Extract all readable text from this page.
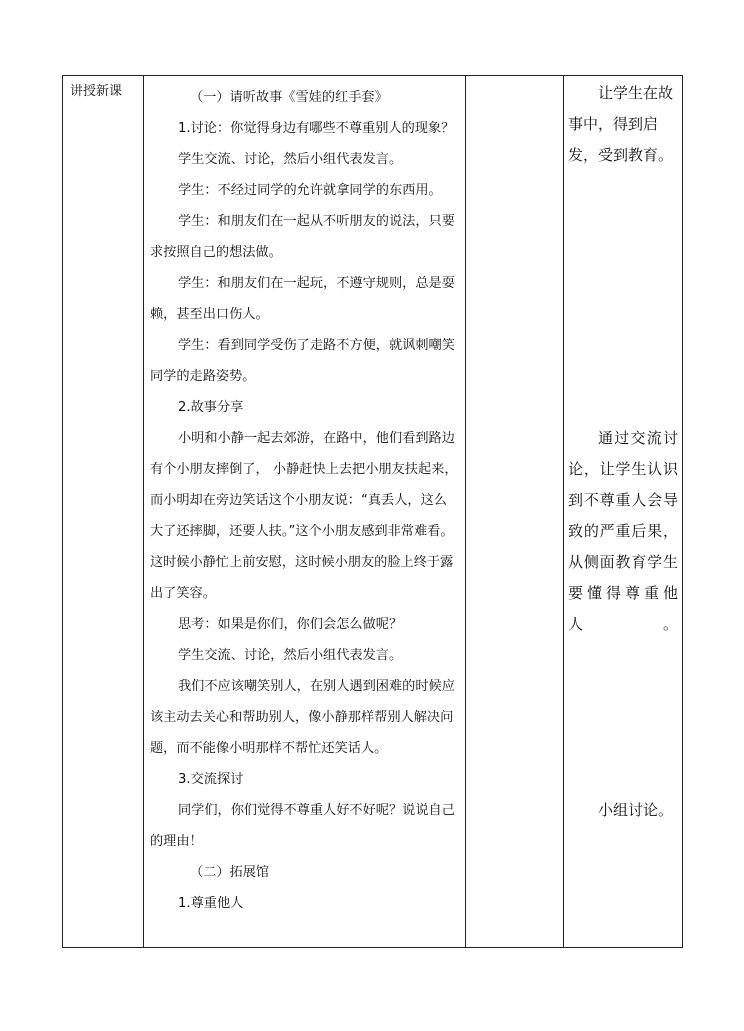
讲授新课	（一）请听故事《雪娃的红手套》

1.讨论：你觉得身边有哪些不尊重别人的现象？

学生交流、讨论，然后小组代表发言。

学生：不经过同学的允许就拿同学的东西用。

学生：和朋友们在一起从不听朋友的说法，只要求按照自己的想法做。

学生：和朋友们在一起玩，不遵守规则，总是耍赖，甚至出口伤人。

学生：看到同学受伤了走路不方便，就讽刺嘲笑同学的走路姿势。

2.故事分享

小明和小静一起去郊游，在路中，他们看到路边有个小朋友摔倒了， 小静赶快上去把小朋友扶起来，而小明却在旁边笑话这个小朋友说：“真丢人，这么大了还摔脚，还要人扶。”这个小朋友感到非常难看。这时候小静忙上前安慰，这时候小朋友的脸上终于露出了笑容。

思考：如果是你们，你们会怎么做呢？

学生交流、讨论，然后小组代表发言。

我们不应该嘲笑别人，在别人遇到困难的时候应该主动去关心和帮助别人，像小静那样帮别人解决问题，而不能像小明那样不帮忙还笑话人。

3.交流探讨

同学们，你们觉得不尊重人好不好呢？说说自己的理由！

（二）拓展馆

1.尊重他人

让学生在故事中，得到启发，受到教育。

通过交流讨论，让学生认识到不尊重人会导致的严重后果，从侧面教育学生要懂得尊重他人。

小组讨论。
